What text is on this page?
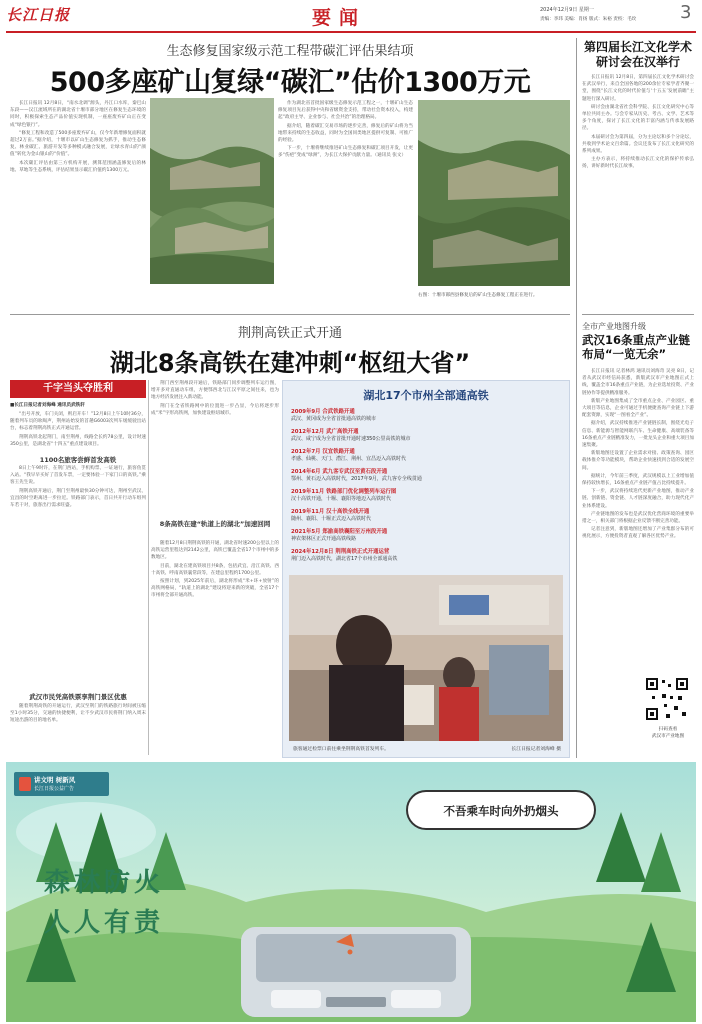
长江日报	要闻	2024年12月9日 星期一
责编：李玮 美编：肖扬 版式：朱裕 责校：毛玫 3
生态修复国家级示范工程带碳汇评估果结项
500多座矿山复绿“碳汇”估价1300万元

长江日报讯 12月8日，“南水北调”源头，丹江口水库，秦巴山东段——汉江流域所在的湖北省十堰市部分地区在修复生态环境的同时，积极探索生态产品价值实现机制，一座座废弃矿山正在变成“绿色银行”。

“修复工程和改造了500多座废弃矿山，仅今年新增修复面积就超过2万亩。”据介绍，十堰市以矿山生态修复为抓手，推动生态修复、林业碳汇、旅游开发等多种模式融合发展，让绿水青山的“颜值”转化为金山银山的“价值”。

本次碳汇评估由第三方机构开展，测算范围涵盖修复后的林地、草地等生态系统，评估结果显示碳汇价值约1300万元。

作为湖北省首批国家级生态修复示范工程之一，十堰矿山生态修复项目先后获得中央和省级资金支持，带动社会资本投入，构建起“政府主导、企业参与、社会共治”的治理格局。

据介绍，随着碳汇交易市场的逐步完善，修复后的矿山将为当地带来持续的生态收益，同时为全国同类地区提供可复制、可推广的经验。

下一步，十堰将继续推进矿山生态修复和碳汇项目开发，让更多“伤疤”变成“绿洲”，为长江大保护贡献力量。（通讯员 张文）

右图：十堰市郧西县修复后的矿山生态修复工程正在进行。
荆荆高铁正式开通
湖北8条高铁在建冲刺“枢纽大省”
千字当头夺胜利
■长江日报记者刘海峰 通讯员武铁轩

“出号开放，车门关闭，则启开车！”12月8日上午10时36分，随着列车员的吆喝声，荆州站始发的首趟G6003次列车缓缓驶出站台，标志着荆荆高铁正式开通运营。

荆荆高铁北起荆门，南至荆州，线路全长约78公里，设计时速350公里，是湖北省“十四五”重点建设项目。

1100名旅客尝鲜首发高铁

8日上午9时许，在荆门西站，手机购票、一证通行，旅客鱼贯入站。“我早早买好了首发车票，一定要体验一下家门口的高铁。”乘客王先生说。

荆荆高铁开通后，荆门至荆州最快30分钟可达，荆州至武汉、宜昌的时空距离进一步拉近。铁路部门表示，首日共开行动车组列车若干对，旅客出行需求旺盛。

武汉市民凭高铁票享荆门景区优惠

随着荆荆高铁的开通运行，武汉至荆门的铁路旅行时间被压缩至1小时35分，交通的快捷便利，让不少武汉市民将荆门纳入周末短途出游的目的地名单。

荆门西至荆州段开通后，铁路部门同步调整列车运行图，增开多对直通动车组，方便鄂西北与江汉平原之间往来，也为地方经济发展注入新动能。

荆门在全省铁路网中的位置进一步凸显，今后将逐步形成“米”字形高铁网，加快建设枢纽城市。

8条高铁在建“轨道上的湖北”加速回网

随着12月8日荆荆高铁的开通，湖北省时速200公里以上的高铁运营里程达到2142公里，高铁已覆盖全省17个市州中的多数地区。

目前，湖北在建高铁项目共8条，包括武宜、沿江高铁、西十高铁、呼南高铁襄常段等，在建总里程约1700公里。

按照计划，到2025年前后，湖北将形成“米+环+放射”的高铁网格局，“轨道上的湖北”建设将迎来新的突破，全省17个市州将全部开通高铁。

湖北17个市州全部通高铁
2009年9月 合武铁路开通
武汉、黄冈成为全省首批通高铁的城市
2012年12月 武广高铁开通
武汉、咸宁成为全省首批开通时速350公里高铁的城市
2012年7月 汉宜铁路开通
孝感、仙桃、天门、潜江、荆州、宜昌迈入高铁时代
2014年6月 武九客专武汉至黄石段开通
鄂州、黄石迈入高铁时代，2017年9月，武九客专全线贯通
2019年11月 铁路部门优化调整列车运行图
汉十高铁开通，十堰、襄阳等地迈入高铁时代
2019年11月 汉十高铁全线开通
随州、襄阳、十堰正式迈入高铁时代
2021年5月 郑渝高铁襄阳至万州段开通
神农架林区正式开通高铁线路
2024年12月8日 荆荆高铁正式开通运营
荆门迈入高铁时代，湖北省17个市州全部通高铁
旅客通过检票口前往乘坐荆荆高铁首发列车。	长江日报记者刘海峰 摄
第四届长江文化学术研讨会在汉举行

长江日报讯 12月8日，第四届长江文化学术研讨会在武汉举行，来自全国各地的200余位专家学者齐聚一堂，围绕“长江文化的时代价值与‘十五五’发展前瞻”主题进行深入研讨。

研讨会由湖北省社会科学院、长江文化研究中心等单位共同主办。与会专家从历史、考古、文学、艺术等多个角度，探讨了长江文化的丰富内涵与传承发展路径。

本届研讨会为第四届，分为主论坛和多个分论坛，共收到学术论文百余篇。会议还发布了长江文化研究的系列成果。

主办方表示，将持续推动长江文化的保护传承弘扬，讲好新时代长江故事。

全市产业地图升级
武汉16条重点产业链布局“一览无余”

长江日报讯 记者林鸿 通讯员刘海奇 吴亮 8日，记者从武汉市经信局获悉，新版武汉市产业地图正式上线，覆盖全市16条重点产业链，为企业选址投资、产业链协作等提供精准服务。

新版产业地图集成了全市重点企业、产业园区、重大项目等信息，企业可通过手机便捷查询产业链上下游配套资源，实现“一图看全产业”。

据介绍，武汉持续推进产业链链长制，围绕光电子信息、新能源与智能网联汽车、生命健康、高端装备等16条重点产业链精准发力，一批龙头企业和重大项目加速集聚。

新版地图还设置了企业需求对接、政策查询、园区载体推介等功能模块，帮助企业快速找到合适的发展空间。

据统计，今年前三季度，武汉规模以上工业增加值保持较快增长，16条重点产业链产值占比持续提升。

下一步，武汉将持续迭代更新产业地图，推动产业链、创新链、资金链、人才链深度融合，助力现代化产业体系建设。

产业链地图的发布也是武汉优化营商环境的重要举措之一，相关部门将根据企业反馈不断完善功能。

记者注意到，新版地图还增加了产业集群分布的可视化展示，方便投资者直观了解各区优势产业。

扫码查看
武汉市产业地图
讲文明 树新风
长江日报公益广告
森林防火
人人有责
不吾乘车时向外扔烟头
